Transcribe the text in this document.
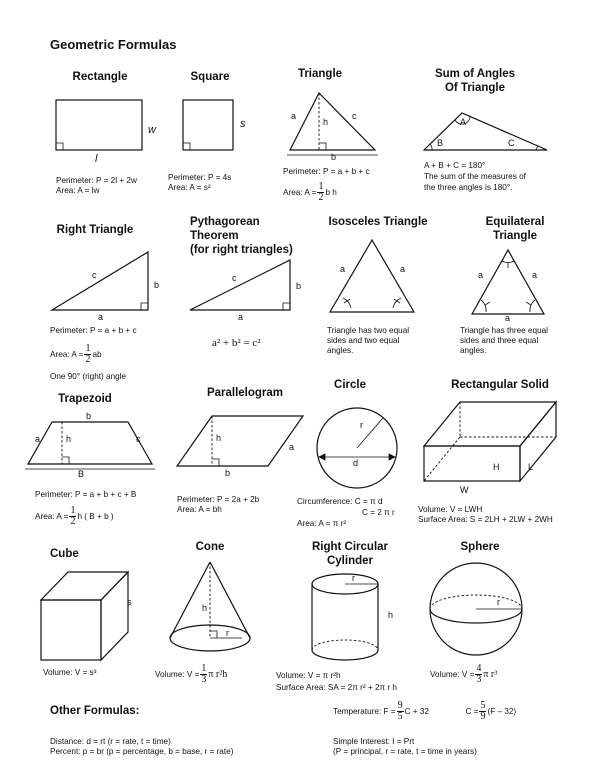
Geometric Formulas
Rectangle
w
l
Perimeter: P = 2l + 2w
Area: A = lw
Square
s
Perimeter: P = 4s
Area: A = s²
Triangle
a	c
h
b
Perimeter: P = a + b + c
Area: $A = \frac{1}{2}$ b h
Sum of Angles
Of Triangle
A
B	C
A + B + C = 180°
The sum of the measures of
the three angles is 180°.
Right Triangle
c
b
a
Perimeter: P = a + b + c
Area: $A = \frac{1}{2}$ ab
One 90° (right) angle
Pythagorean
Theorem
(for right triangles)
c
b
a
a² + b² = c²
Isosceles Triangle
a	a
Triangle has two equal
sides and two equal
angles.
Equilateral
Triangle
a	a
a
Triangle has three equal
sides and three equal
angles.
Trapezoid
b
a	h	c
B
Perimeter: P = a + b + c + B
Area: $A = \frac{1}{2}$ h ( B + b )
Parallelogram
h
a
b
Perimeter: P = 2a + 2b
Area: A = bh
Circle
r
d
Circumference: C = π d
C = 2 π r
Area: A = π r²
Rectangular Solid
H	L
W
Volume: V = LWH
Surface Area: S = 2LH + 2LW + 2WH
Cube
s
Volume: V = s³
Cone
h
r
Volume: $V = \frac{1}{3}$ π r²h
Right Circular
Cylinder
r
h
Volume: V = π r²h
Surface Area: SA = 2π r² + 2π r h
Sphere
r
Volume: $V = \frac{4}{3}$ π r³
Other Formulas:
Distance: d = rt (r = rate, t = time)
Percent: p = br (p = percentage, b = base, r = rate)
Temperature: $F = \frac{9}{5}$ C + 32	$C = \frac{5}{9} (F - 32)$
Simple Interest: I = Prt
(P = principal, r = rate, t = time in years)
